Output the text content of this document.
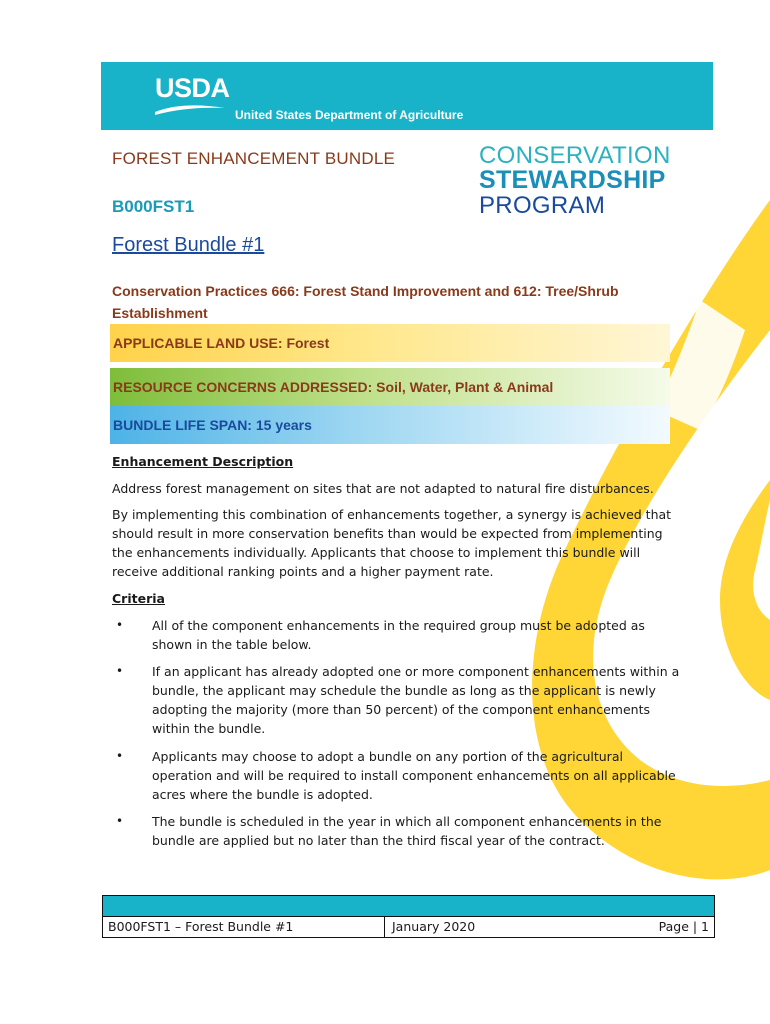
USDA
United States Department of Agriculture
FOREST ENHANCEMENT BUNDLE
B000FST1
CONSERVATION
STEWARDSHIP
PROGRAM
Forest Bundle #1
Conservation Practices 666: Forest Stand Improvement and 612: Tree/Shrub Establishment
APPLICABLE LAND USE: Forest
RESOURCE CONCERNS ADDRESSED: Soil, Water, Plant & Animal
BUNDLE LIFE SPAN: 15 years
Enhancement Description
Address forest management on sites that are not adapted to natural fire disturbances.
By implementing this combination of enhancements together, a synergy is achieved that should result in more conservation benefits than would be expected from implementing the enhancements individually. Applicants that choose to implement this bundle will receive additional ranking points and a higher payment rate.
Criteria
• All of the component enhancements in the required group must be adopted as shown in the table below.
• If an applicant has already adopted one or more component enhancements within a bundle, the applicant may schedule the bundle as long as the applicant is newly adopting the majority (more than 50 percent) of the component enhancements within the bundle.
• Applicants may choose to adopt a bundle on any portion of the agricultural operation and will be required to install component enhancements on all applicable acres where the bundle is adopted.
• The bundle is scheduled in the year in which all component enhancements in the bundle are applied but no later than the third fiscal year of the contract.
B000FST1 – Forest Bundle #1	January 2020	Page | 1
